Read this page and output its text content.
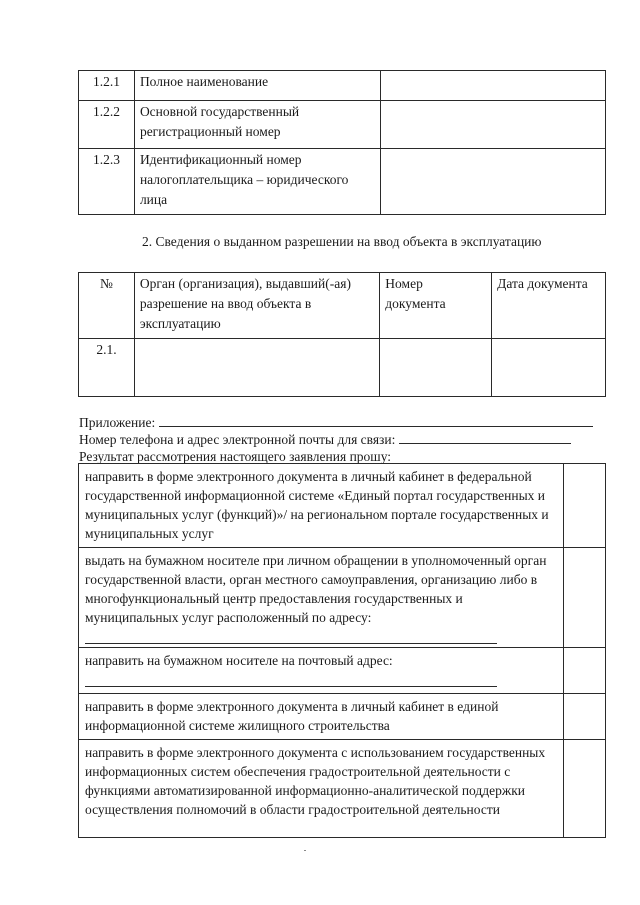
1.2.1	Полное наименование	
1.2.2	Основной государственный регистрационный номер	
1.2.3	Идентификационный номер налогоплательщика – юридического лица	
2. Сведения о выданном разрешении на ввод объекта в эксплуатацию
№	Орган (организация), выдавший(-ая) разрешение на ввод объекта в эксплуатацию	Номер документа	Дата документа
2.1.			
Приложение:
Номер телефона и адрес электронной почты для связи:
Результат рассмотрения настоящего заявления прошу:
направить в форме электронного документа в личный кабинет в федеральной государственной информационной системе «Единый портал государственных и муниципальных услуг (функций)»/ на региональном портале государственных и муниципальных услуг	
выдать на бумажном носителе при личном обращении в уполномоченный орган государственной власти, орган местного самоуправления, организацию либо в многофункциональный центр предоставления государственных и муниципальных услуг расположенный по адресу:

направить на бумажном носителе на почтовый адрес:

направить в форме электронного документа в личный кабинет в единой информационной системе жилищного строительства	
направить в форме электронного документа с использованием государственных информационных систем обеспечения градостроительной деятельности с функциями автоматизированной информационно-аналитической поддержки осуществления полномочий в области градостроительной деятельности	
